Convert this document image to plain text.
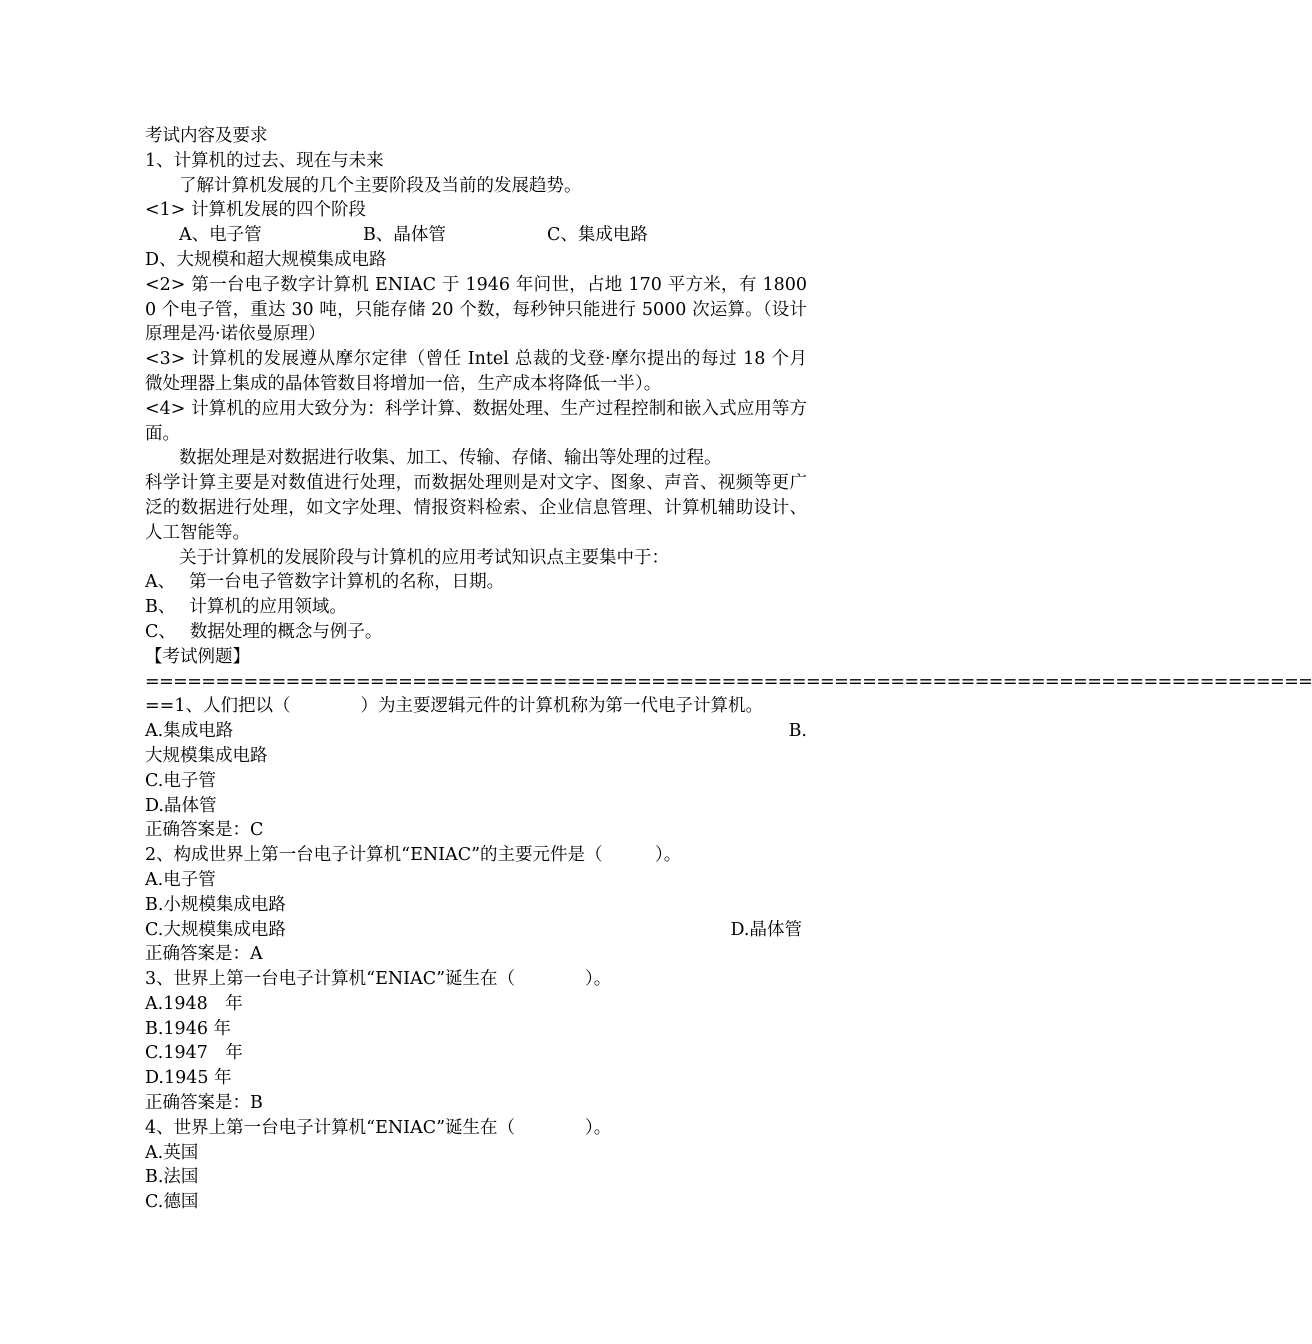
考试内容及要求
1、计算机的过去、现在与未来
了解计算机发展的几个主要阶段及当前的发展趋势。
<1> 计算机发展的四个阶段
A、电子管	B、晶体管	C、集成电路
D、大规模和超大规模集成电路
<2> 第一台电子数字计算机 ENIAC 于 1946 年问世，占地 170 平方米，有 18000 个电子管，重达 30 吨，只能存储 20 个数，每秒钟只能进行 5000 次运算。（设计原理是冯·诺依曼原理）
<3> 计算机的发展遵从摩尔定律（曾任 Intel 总裁的戈登·摩尔提出的每过 18 个月微处理器上集成的晶体管数目将增加一倍，生产成本将降低一半）。
<4> 计算机的应用大致分为：科学计算、数据处理、生产过程控制和嵌入式应用等方面。
数据处理是对数据进行收集、加工、传输、存储、输出等处理的过程。
科学计算主要是对数值进行处理，而数据处理则是对文字、图象、声音、视频等更广泛的数据进行处理，如文字处理、情报资料检索、企业信息管理、计算机辅助设计、人工智能等。
关于计算机的发展阶段与计算机的应用考试知识点主要集中于：
A、 第一台电子管数字计算机的名称，日期。
B、 计算机的应用领域。
C、 数据处理的概念与例子。
【考试例题】
===================================================================================
==1、人们把以（　　　　）为主要逻辑元件的计算机称为第一代电子计算机。
A.集成电路	B.
大规模集成电路
C.电子管
D.晶体管
正确答案是：C
2、构成世界上第一台电子计算机“ENIAC”的主要元件是（　　　）。
A.电子管
B.小规模集成电路
C.大规模集成电路	D.晶体管
正确答案是：A
3、世界上第一台电子计算机“ENIAC”诞生在（　　　　）。
A.1948　年
B.1946 年
C.1947　年
D.1945 年
正确答案是：B
4、世界上第一台电子计算机“ENIAC”诞生在（　　　　）。
A.英国
B.法国
C.德国
